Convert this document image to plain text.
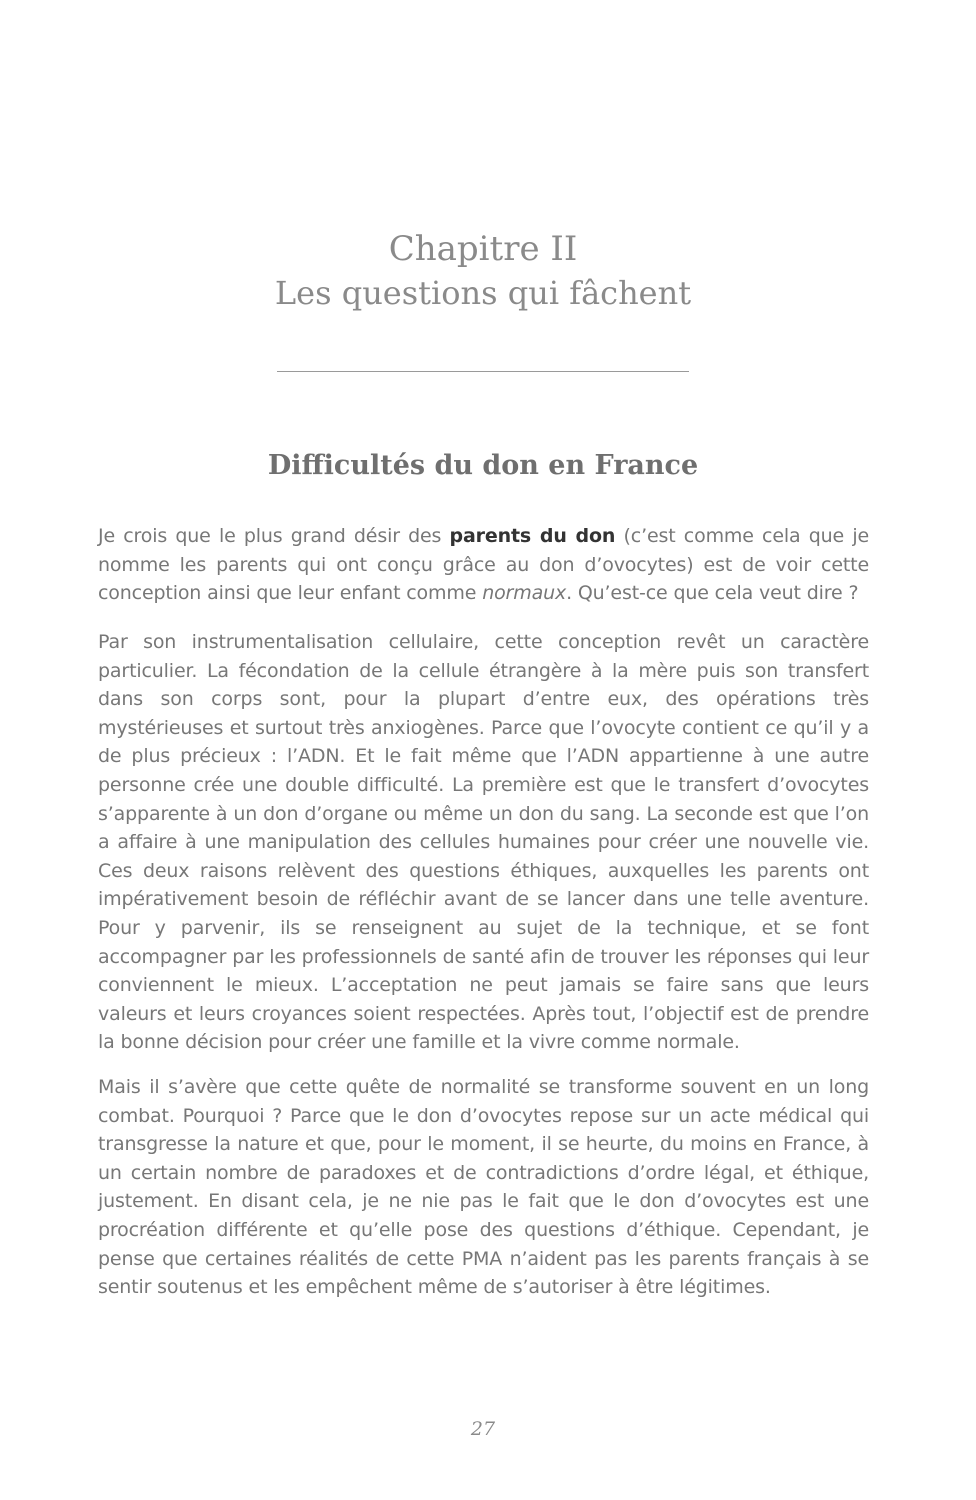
Chapitre II
Les questions qui fâchent
Difficultés du don en France

Je crois que le plus grand désir des parents du don (c’est comme cela que je nomme les parents qui ont conçu grâce au don d’ovocytes) est de voir cette conception ainsi que leur enfant comme normaux. Qu’est-ce que cela veut dire ?

Par son instrumentalisation cellulaire, cette conception revêt un caractère particulier. La fécondation de la cellule étrangère à la mère puis son transfert dans son corps sont, pour la plupart d’entre eux, des opérations très mystérieuses et surtout très anxiogènes. Parce que l’ovocyte contient ce qu’il y a de plus précieux : l’ADN. Et le fait même que l’ADN appartienne à une autre personne crée une double difficulté. La première est que le transfert d’ovocytes s’apparente à un don d’organe ou même un don du sang. La seconde est que l’on a affaire à une manipulation des cellules humaines pour créer une nouvelle vie. Ces deux raisons relèvent des questions éthiques, auxquelles les parents ont impérativement besoin de réfléchir avant de se lancer dans une telle aventure. Pour y parvenir, ils se renseignent au sujet de la technique, et se font accompagner par les professionnels de santé afin de trouver les réponses qui leur conviennent le mieux. L’acceptation ne peut jamais se faire sans que leurs valeurs et leurs croyances soient respectées. Après tout, l’objectif est de prendre la bonne décision pour créer une famille et la vivre comme normale.

Mais il s’avère que cette quête de normalité se transforme souvent en un long combat. Pourquoi ? Parce que le don d’ovocytes repose sur un acte médical qui transgresse la nature et que, pour le moment, il se heurte, du moins en France, à un certain nombre de paradoxes et de contradictions d’ordre légal, et éthique, justement. En disant cela, je ne nie pas le fait que le don d’ovocytes est une procréation différente et qu’elle pose des questions d’éthique. Cependant, je pense que certaines réalités de cette PMA n’aident pas les parents français à se sentir soutenus et les empêchent même de s’autoriser à être légitimes.

27
